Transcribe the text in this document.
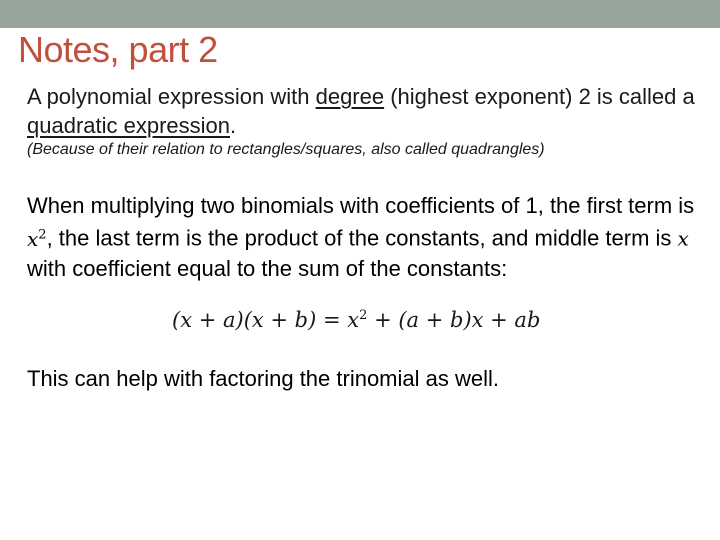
Notes, part 2

A polynomial expression with degree (highest exponent) 2 is called a quadratic expression.

(Because of their relation to rectangles/squares, also called quadrangles)

When multiplying two binomials with coefficients of 1, the first term is $x^2$, the last term is the product of the constants, and middle term is x with coefficient equal to the sum of the constants:

$(x + a)(x + b) = x^2 + (a + b)x$ + ab

This can help with factoring the trinomial as well.
